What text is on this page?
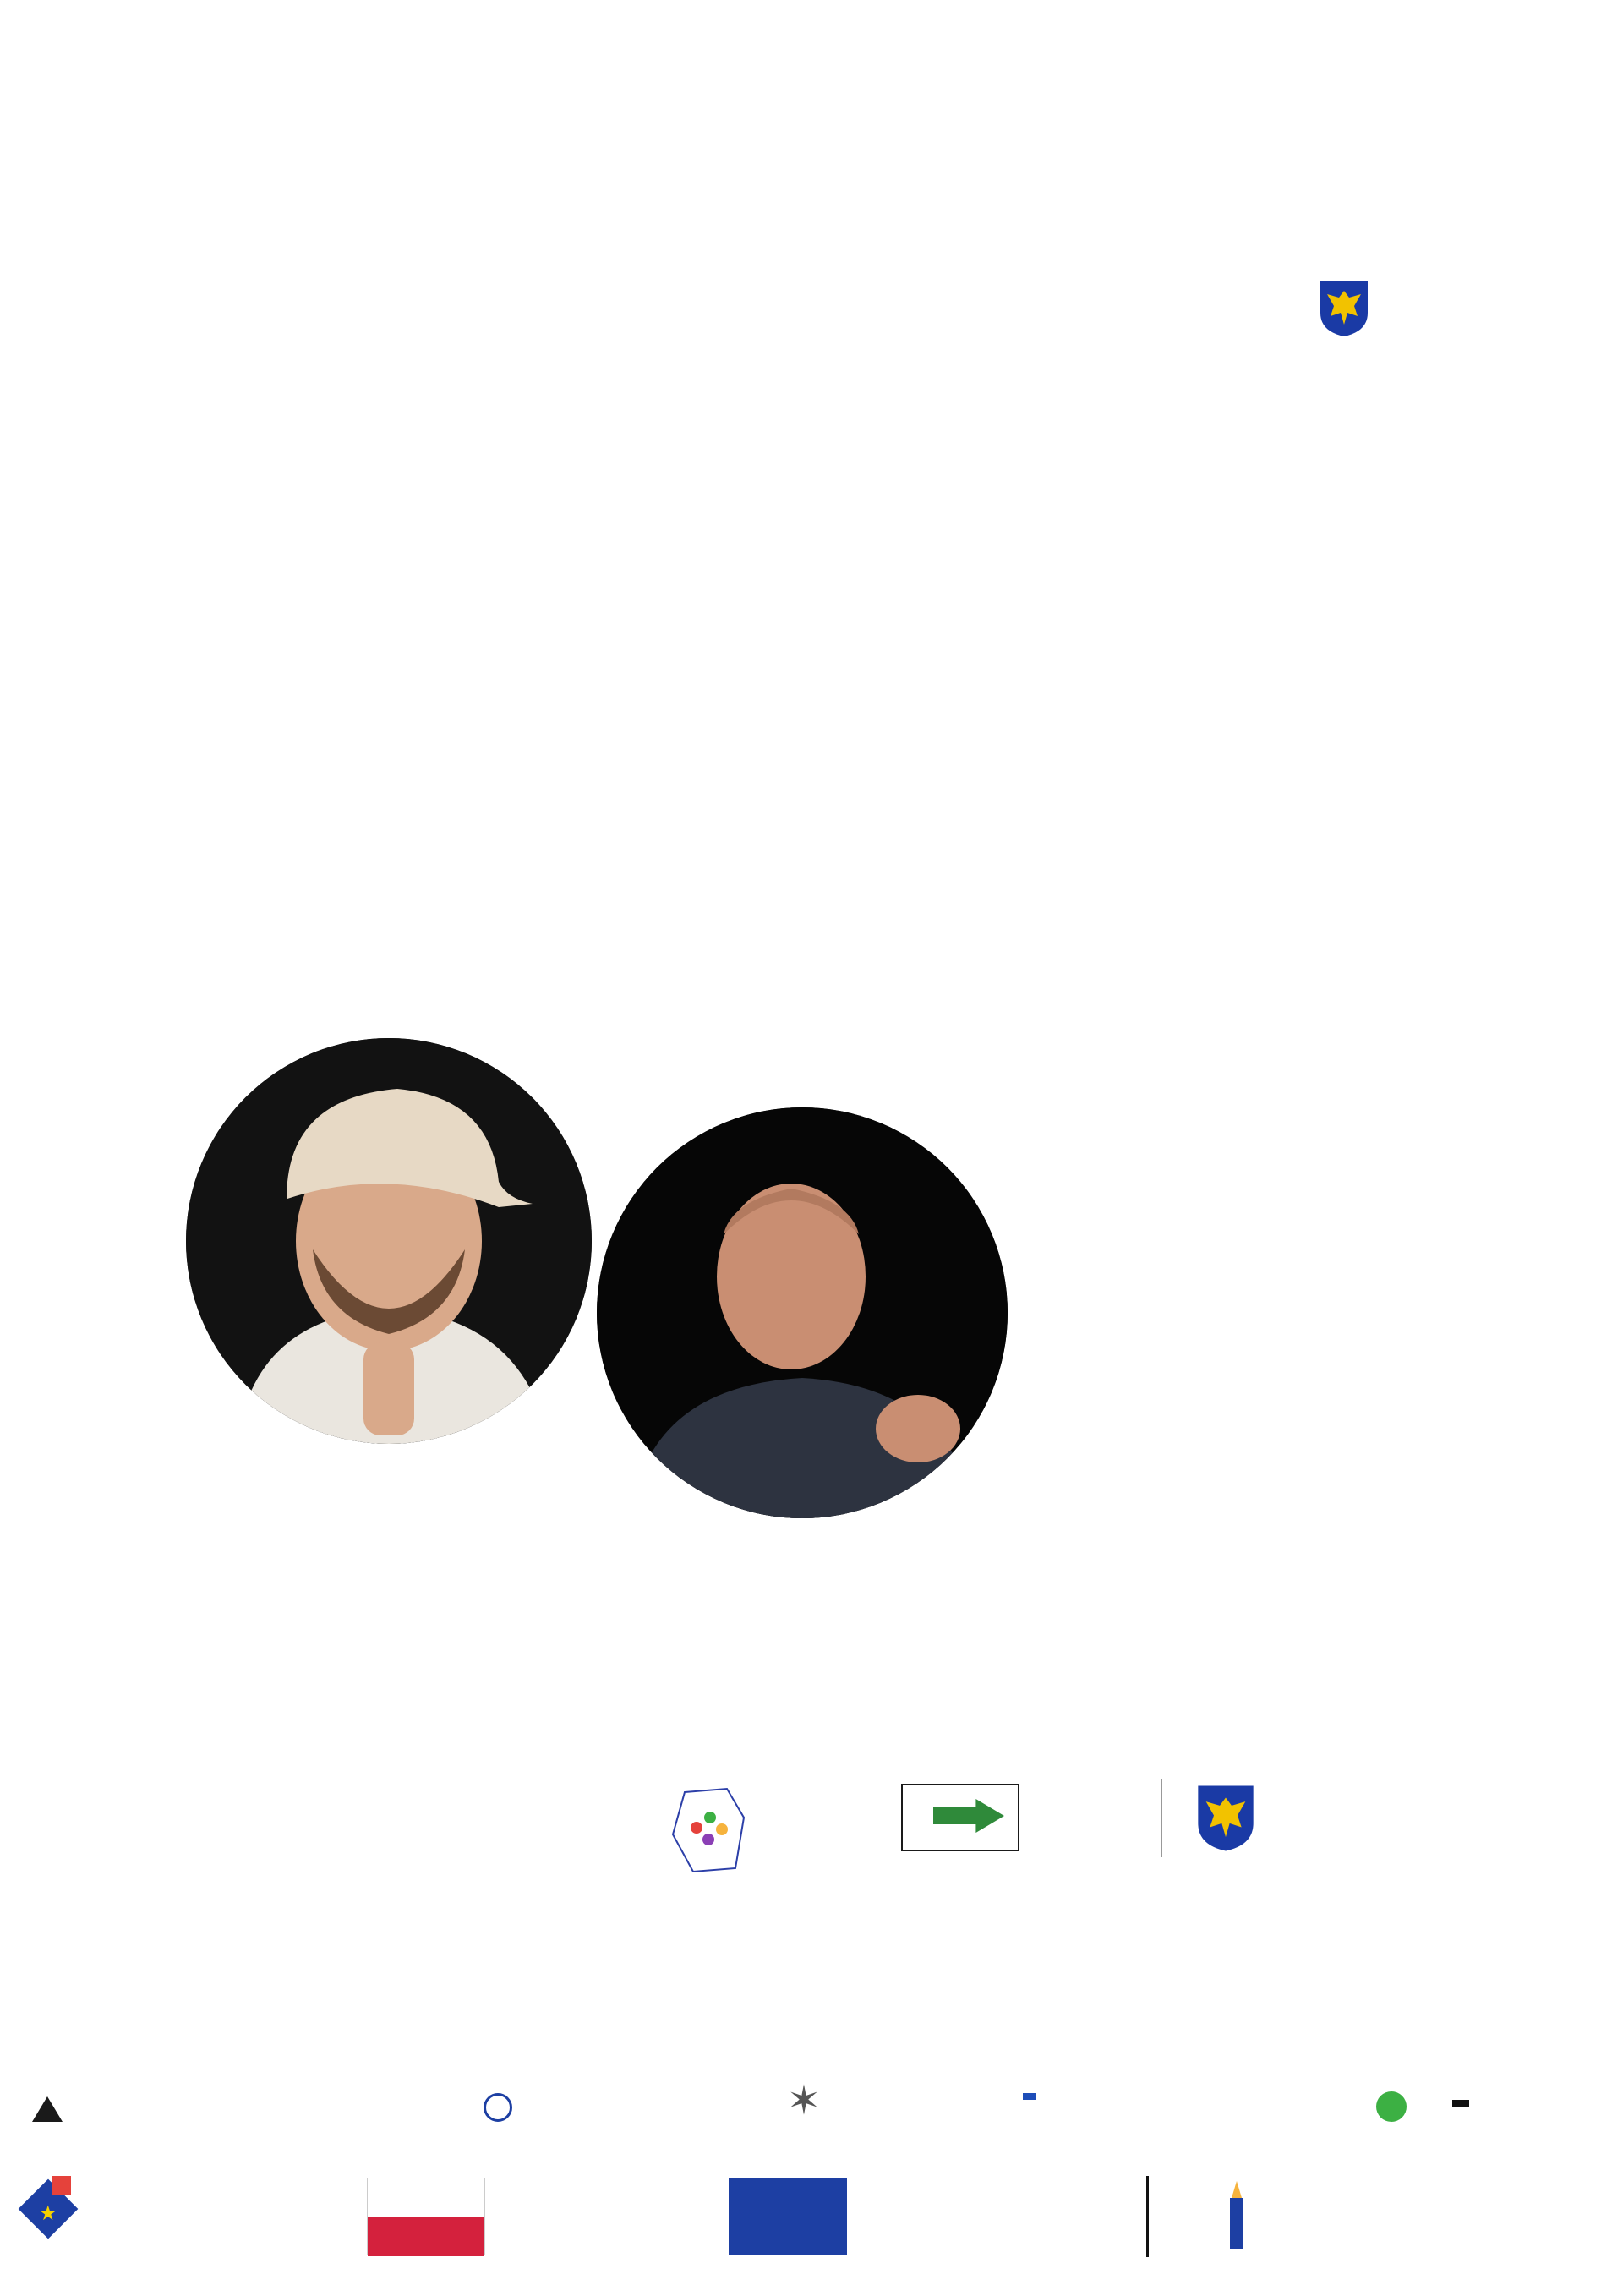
✶
★
